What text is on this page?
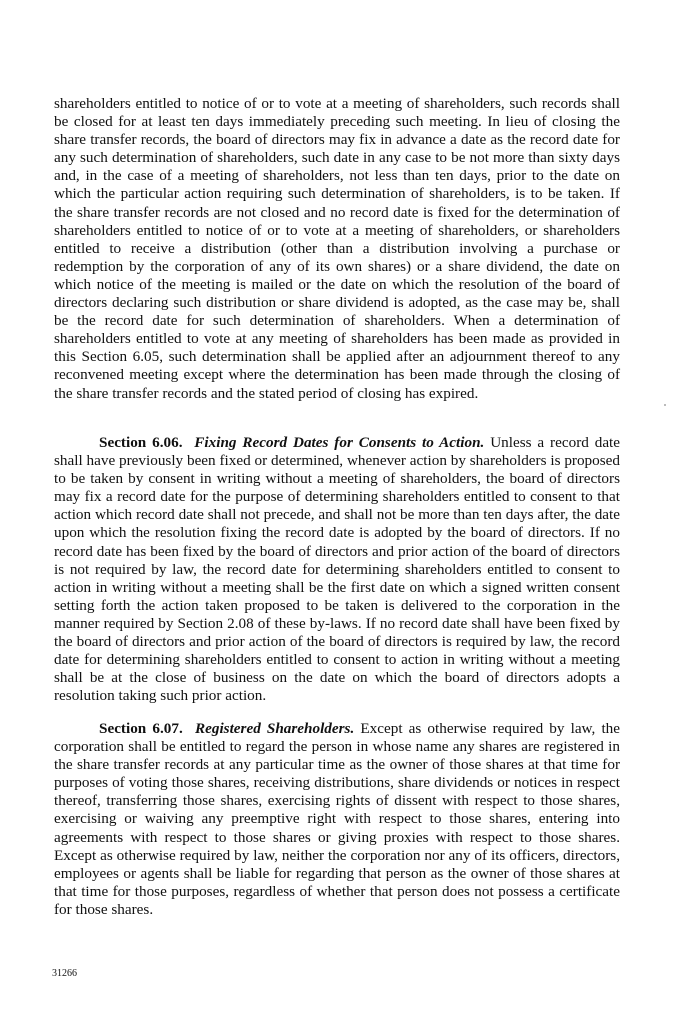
shareholders entitled to notice of or to vote at a meeting of shareholders, such records shall be closed for at least ten days immediately preceding such meeting. In lieu of closing the share transfer records, the board of directors may fix in advance a date as the record date for any such determination of shareholders, such date in any case to be not more than sixty days and, in the case of a meeting of shareholders, not less than ten days, prior to the date on which the particular action requiring such determination of shareholders, is to be taken. If the share transfer records are not closed and no record date is fixed for the determination of shareholders entitled to notice of or to vote at a meeting of shareholders, or shareholders entitled to receive a distribution (other than a distribution involving a purchase or redemption by the corporation of any of its own shares) or a share dividend, the date on which notice of the meeting is mailed or the date on which the resolution of the board of directors declaring such distribution or share dividend is adopted, as the case may be, shall be the record date for such determination of shareholders. When a determination of shareholders entitled to vote at any meeting of shareholders has been made as provided in this Section 6.05, such determination shall be applied after an adjournment thereof to any reconvened meeting except where the determination has been made through the closing of the share transfer records and the stated period of closing has expired.

Section 6.06. Fixing Record Dates for Consents to Action. Unless a record date shall have previously been fixed or determined, whenever action by shareholders is proposed to be taken by consent in writing without a meeting of shareholders, the board of directors may fix a record date for the purpose of determining shareholders entitled to consent to that action which record date shall not precede, and shall not be more than ten days after, the date upon which the resolution fixing the record date is adopted by the board of directors. If no record date has been fixed by the board of directors and prior action of the board of directors is not required by law, the record date for determining shareholders entitled to consent to action in writing without a meeting shall be the first date on which a signed written consent setting forth the action taken proposed to be taken is delivered to the corporation in the manner required by Section 2.08 of these by-laws. If no record date shall have been fixed by the board of directors and prior action of the board of directors is required by law, the record date for determining shareholders entitled to consent to action in writing without a meeting shall be at the close of business on the date on which the board of directors adopts a resolution taking such prior action.

Section 6.07. Registered Shareholders. Except as otherwise required by law, the corporation shall be entitled to regard the person in whose name any shares are registered in the share transfer records at any particular time as the owner of those shares at that time for purposes of voting those shares, receiving distributions, share dividends or notices in respect thereof, transferring those shares, exercising rights of dissent with respect to those shares, exercising or waiving any preemptive right with respect to those shares, entering into agreements with respect to those shares or giving proxies with respect to those shares. Except as otherwise required by law, neither the corporation nor any of its officers, directors, employees or agents shall be liable for regarding that person as the owner of those shares at that time for those purposes, regardless of whether that person does not possess a certificate for those shares.

31266
